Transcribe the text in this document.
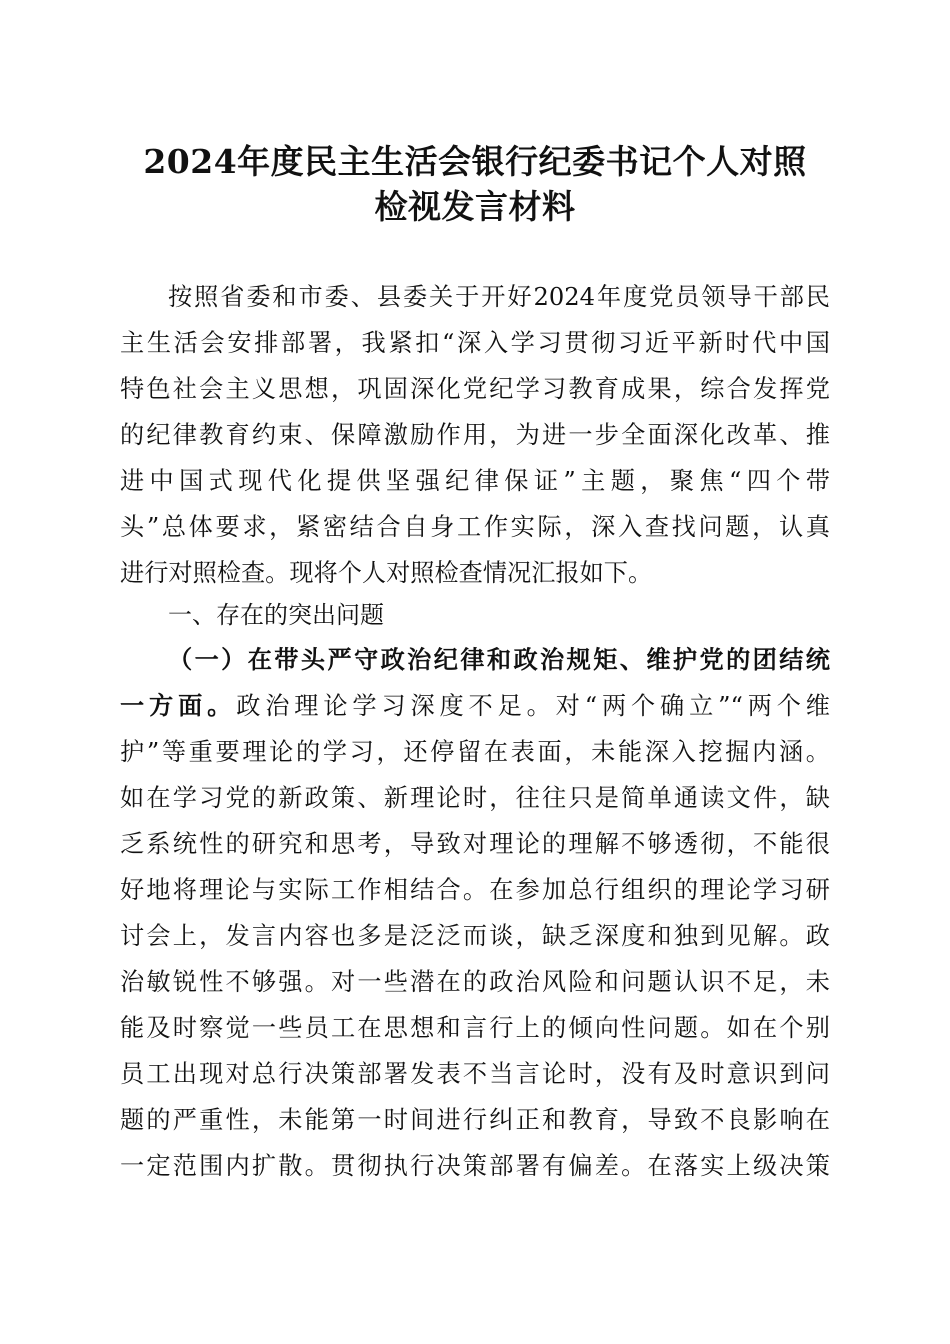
2024年度民主生活会银行纪委书记个人对照
检视发言材料
按照省委和市委、县委关于开好2024年度党员领导干部民
主生活会安排部署，我紧扣“深入学习贯彻习近平新时代中国
特色社会主义思想，巩固深化党纪学习教育成果，综合发挥党
的纪律教育约束、保障激励作用，为进一步全面深化改革、推
进中国式现代化提供坚强纪律保证”主题，聚焦“四个带
头”总体要求，紧密结合自身工作实际，深入查找问题，认真
进行对照检查。现将个人对照检查情况汇报如下。
一、存在的突出问题
（一）在带头严守政治纪律和政治规矩、维护党的团结统
一方面。政治理论学习深度不足。对“两个确立”“两个维
护”等重要理论的学习，还停留在表面，未能深入挖掘内涵。
如在学习党的新政策、新理论时，往往只是简单通读文件，缺
乏系统性的研究和思考，导致对理论的理解不够透彻，不能很
好地将理论与实际工作相结合。在参加总行组织的理论学习研
讨会上，发言内容也多是泛泛而谈，缺乏深度和独到见解。政
治敏锐性不够强。对一些潜在的政治风险和问题认识不足，未
能及时察觉一些员工在思想和言行上的倾向性问题。如在个别
员工出现对总行决策部署发表不当言论时，没有及时意识到问
题的严重性，未能第一时间进行纠正和教育，导致不良影响在
一定范围内扩散。贯彻执行决策部署有偏差。在落实上级决策
